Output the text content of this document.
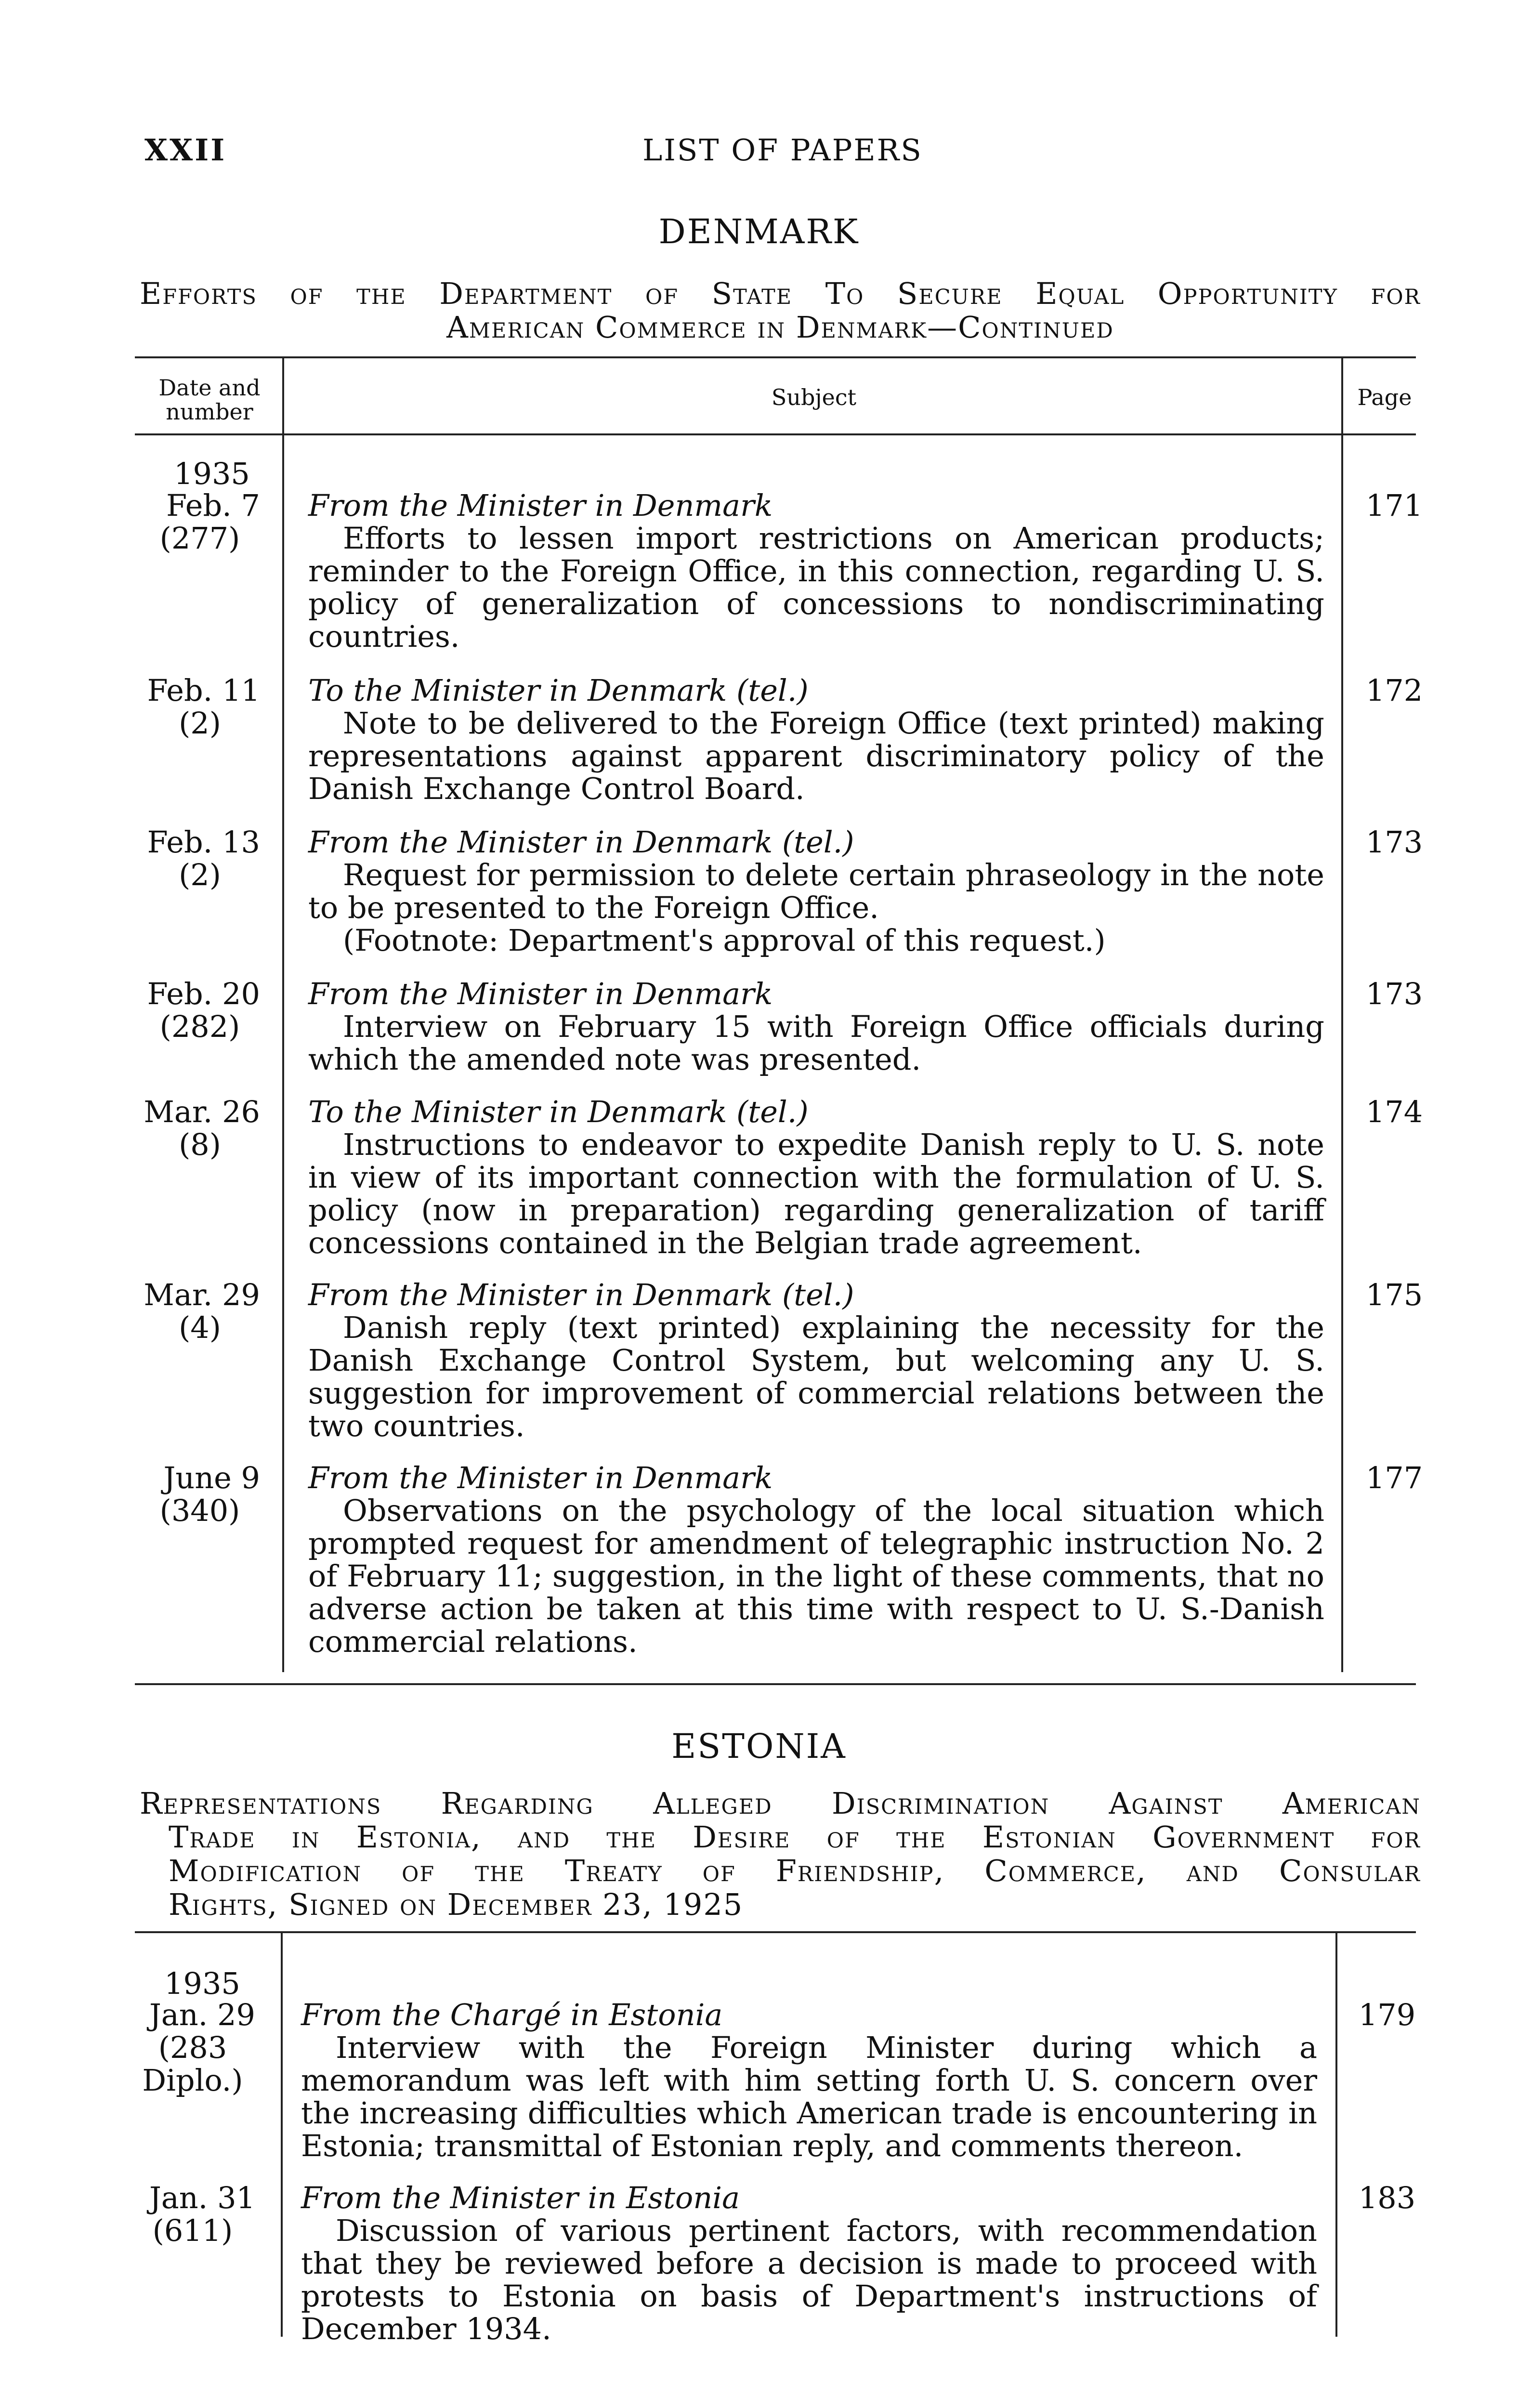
XXII	LIST OF PAPERS
DENMARK
Efforts of the Department of State To Secure Equal Opportunity for
American Commerce in Denmark—Continued
Date and number
Subject	Page
1935
Feb. 7
(277)
From the Minister in Denmark
Efforts to lessen import restrictions on American products; reminder to the Foreign Office, in this connection, regarding U. S. policy of generalization of concessions to nondiscriminating countries.
171
Feb. 11
(2)
To the Minister in Denmark (tel.)
Note to be delivered to the Foreign Office (text printed) making representations against apparent discriminatory policy of the Danish Exchange Control Board.
172
Feb. 13
(2)
From the Minister in Denmark (tel.)
Request for permission to delete certain phraseology in the note to be presented to the Foreign Office.
(Footnote: Department's approval of this request.)
173
Feb. 20
(282)
From the Minister in Denmark
Interview on February 15 with Foreign Office officials during which the amended note was presented.
173
Mar. 26
(8)
To the Minister in Denmark (tel.)
Instructions to endeavor to expedite Danish reply to U. S. note in view of its important connection with the formulation of U. S. policy (now in preparation) regarding generalization of tariff concessions contained in the Belgian trade agreement.
174
Mar. 29
(4)
From the Minister in Denmark (tel.)
Danish reply (text printed) explaining the necessity for the Danish Exchange Control System, but welcoming any U. S. suggestion for improvement of commercial relations between the two countries.
175
June 9
(340)
From the Minister in Denmark
Observations on the psychology of the local situation which prompted request for amendment of telegraphic instruction No. 2 of February 11; suggestion, in the light of these comments, that no adverse action be taken at this time with respect to U. S.-Danish commercial relations.
177
ESTONIA
Representations Regarding Alleged Discrimination Against American
Trade in Estonia, and the Desire of the Estonian Government for
Modification of the Treaty of Friendship, Commerce, and Consular
Rights, Signed on December 23, 1925
1935
Jan. 29
(283
Diplo.)
From the Chargé in Estonia
Interview with the Foreign Minister during which a memorandum was left with him setting forth U. S. concern over the increasing difficulties which American trade is encountering in Estonia; transmittal of Estonian reply, and comments thereon.
179
Jan. 31
(611)
From the Minister in Estonia
Discussion of various pertinent factors, with recommendation that they be reviewed before a decision is made to proceed with protests to Estonia on basis of Department's instructions of December 1934.
183
